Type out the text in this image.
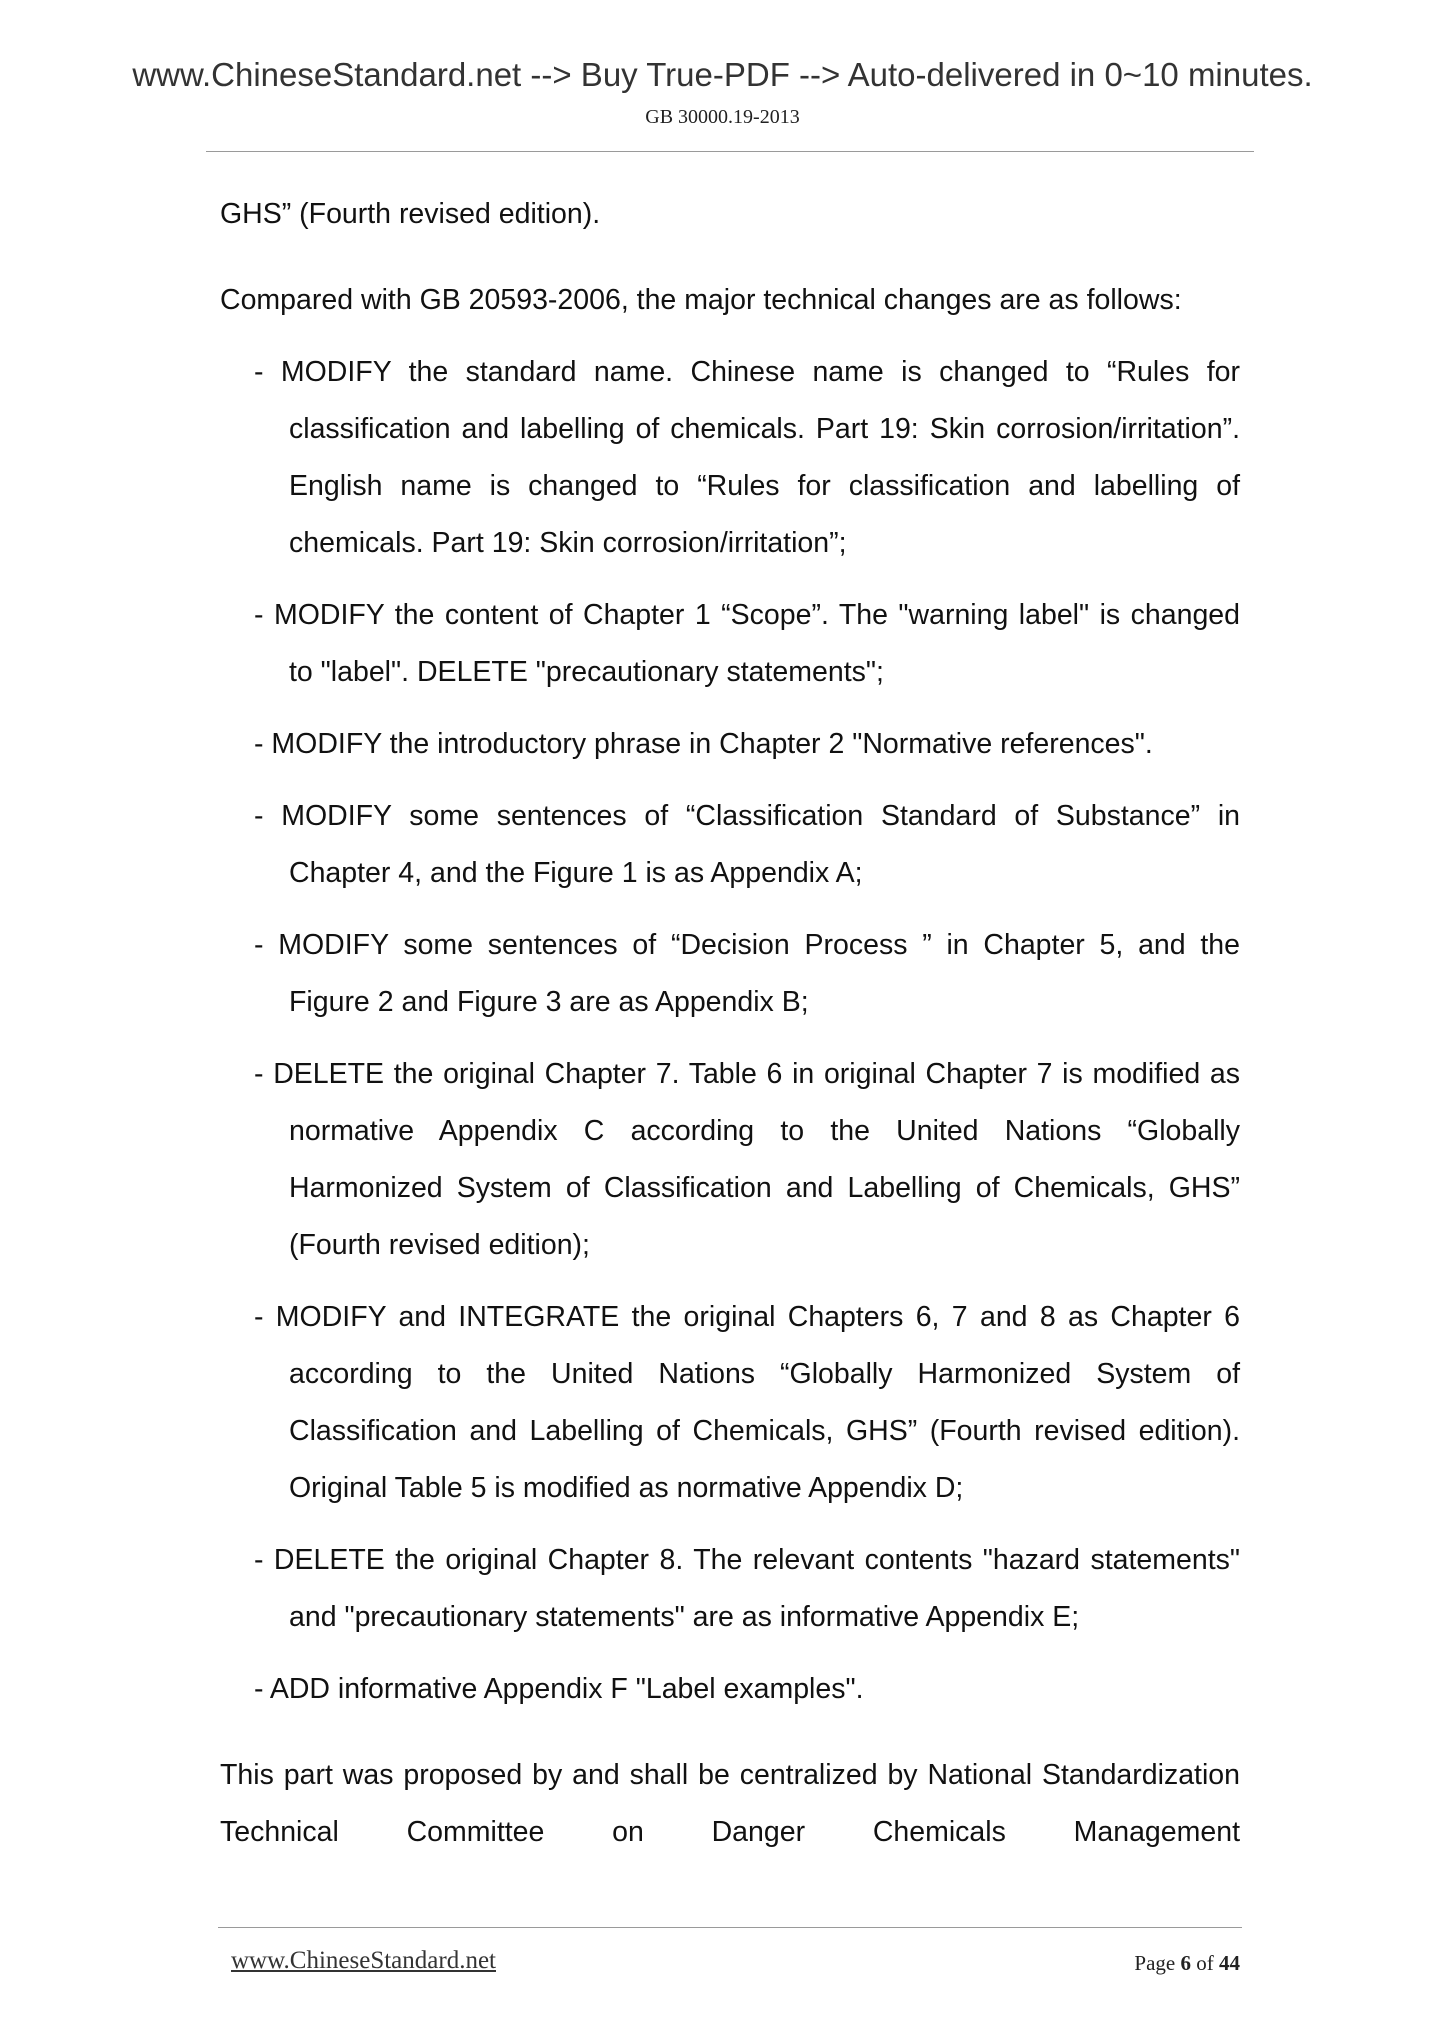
www.ChineseStandard.net --> Buy True-PDF --> Auto-delivered in 0~10 minutes.
GB 30000.19-2013

GHS” (Fourth revised edition).

Compared with GB 20593-2006, the major technical changes are as follows:

- MODIFY the standard name. Chinese name is changed to “Rules for classification and labelling of chemicals. Part 19: Skin corrosion/irritation”. English name is changed to “Rules for classification and labelling of chemicals. Part 19: Skin corrosion/irritation”;
- MODIFY the content of Chapter 1 “Scope”. The "warning label" is changed to "label". DELETE "precautionary statements";
- MODIFY the introductory phrase in Chapter 2 "Normative references".
- MODIFY some sentences of “Classification Standard of Substance” in Chapter 4, and the Figure 1 is as Appendix A;
- MODIFY some sentences of “Decision Process ” in Chapter 5, and the Figure 2 and Figure 3 are as Appendix B;
- DELETE the original Chapter 7. Table 6 in original Chapter 7 is modified as normative Appendix C according to the United Nations “Globally Harmonized System of Classification and Labelling of Chemicals, GHS” (Fourth revised edition);
- MODIFY and INTEGRATE the original Chapters 6, 7 and 8 as Chapter 6 according to the United Nations “Globally Harmonized System of Classification and Labelling of Chemicals, GHS” (Fourth revised edition). Original Table 5 is modified as normative Appendix D;
- DELETE the original Chapter 8. The relevant contents "hazard statements" and "precautionary statements" are as informative Appendix E;
- ADD informative Appendix F "Label examples".

This part was proposed by and shall be centralized by National Standardization Technical Committee on Danger Chemicals Management

www.ChineseStandard.net	Page 6 of 44
